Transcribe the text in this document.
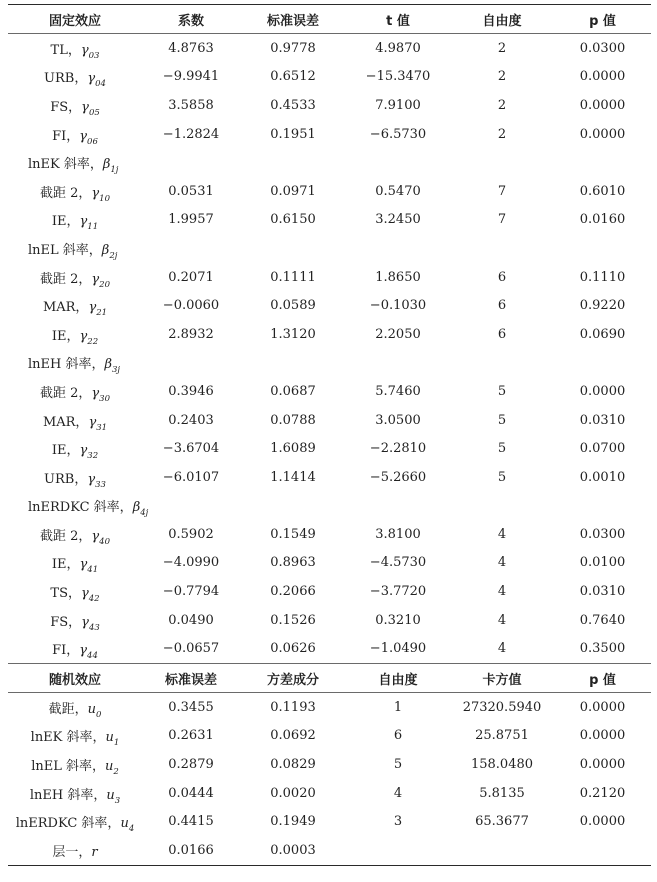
固定效应	系数	标准误差	t 值	自由度	p 值
TL，$\gamma_{03}$	4.8763	0.9778	4.9870	2	0.0300
URB，$\gamma_{04}$	−9.9941	0.6512	−15.3470	2	0.0000
FS，$\gamma_{05}$	3.5858	0.4533	7.9100	2	0.0000
FI，$\gamma_{06}$	−1.2824	0.1951	−6.5730	2	0.0000
lnEK 斜率，$\beta_{1j}$
截距 2，$\gamma_{10}$	0.0531	0.0971	0.5470	7	0.6010
IE，$\gamma_{11}$	1.9957	0.6150	3.2450	7	0.0160
lnEL 斜率，$\beta_{2j}$
截距 2，$\gamma_{20}$	0.2071	0.1111	1.8650	6	0.1110
MAR，$\gamma_{21}$	−0.0060	0.0589	−0.1030	6	0.9220
IE，$\gamma_{22}$	2.8932	1.3120	2.2050	6	0.0690
lnEH 斜率，$\beta_{3j}$
截距 2，$\gamma_{30}$	0.3946	0.0687	5.7460	5	0.0000
MAR，$\gamma_{31}$	0.2403	0.0788	3.0500	5	0.0310
IE，$\gamma_{32}$	−3.6704	1.6089	−2.2810	5	0.0700
URB，$\gamma_{33}$	−6.0107	1.1414	−5.2660	5	0.0010
lnERDKC 斜率，$\beta_{4j}$
截距 2，$\gamma_{40}$	0.5902	0.1549	3.8100	4	0.0300
IE，$\gamma_{41}$	−4.0990	0.8963	−4.5730	4	0.0100
TS，$\gamma_{42}$	−0.7794	0.2066	−3.7720	4	0.0310
FS，$\gamma_{43}$	0.0490	0.1526	0.3210	4	0.7640
FI，$\gamma_{44}$	−0.0657	0.0626	−1.0490	4	0.3500
随机效应	标准误差	方差成分	自由度	卡方值	p 值
截距，$u_0$	0.3455	0.1193	1	27320.5940	0.0000
lnEK 斜率，$u_1$	0.2631	0.0692	6	25.8751	0.0000
lnEL 斜率，$u_2$	0.2879	0.0829	5	158.0480	0.0000
lnEH 斜率，$u_3$	0.0444	0.0020	4	5.8135	0.2120
lnERDKC 斜率，$u_4$	0.4415	0.1949	3	65.3677	0.0000
层一，r	0.0166	0.0003
